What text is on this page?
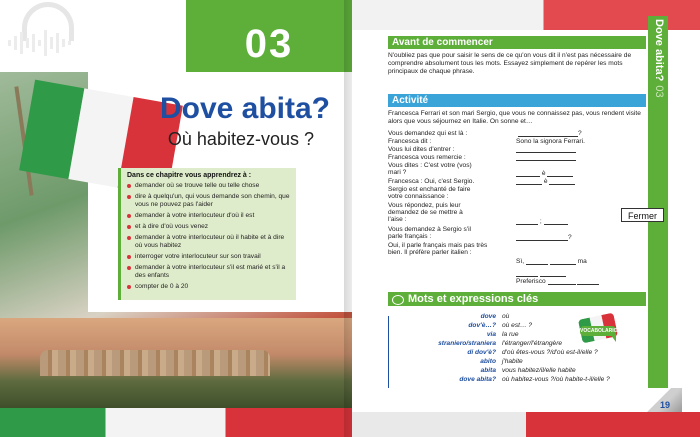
03
Dove abita?
Où habitez-vous ?
Dans ce chapitre vous apprendrez à :
demander où se trouve telle ou telle chose
dire à quelqu'un, qui vous demande son chemin, que vous ne pouvez pas l'aider
demander à votre interlocuteur d'où il est
et à dire d'où vous venez
demander à votre interlocuteur où il habite et à dire où vous habitez
interroger votre interlocuteur sur son travail
demander à votre interlocuteur s'il est marié et s'il a des enfants
compter de 0 à 20
Avant de commencer
N'oubliez pas que pour saisir le sens de ce qu'on vous dit il n'est pas nécessaire de comprendre absolument tous les mots. Essayez simplement de repérer les mots principaux de chaque phrase.
Activité
Francesca Ferrari et son mari Sergio, que vous ne connaissez pas, vous rendent visite alors que vous séjournez en Italie. On sonne et…
Vous demandez qui est là :
Francesca dit :
Vous lui dites d'entrer :
Francesca vous remercie :
Vous dites : C'est votre (vos) mari ?
Francesca : Oui, c'est Sergio.
Sergio est enchanté de faire votre connaissance :
Vous répondez, puis leur demandez de se mettre à l'aise :
Vous demandez à Sergio s'il parle français :
Oui, il parle français mais pas très bien. Il préfère parler italien :
?
Sono la signora Ferrari.
è
è
;
?
Sì,	ma

Preferisco
Mots et expressions clés
dove où
dov'è…? où est… ?
via la rue
straniero/straniera l'étranger/l'étrangère
di dov'è? d'où êtes-vous ?/d'où est-il/elle ?
abito j'habite
abita vous habitez/il/elle habite
dove abita? où habitez-vous ?/où habite-t-il/elle ?
VOCABOLARIO
Dove abita?03
19
Fermer
